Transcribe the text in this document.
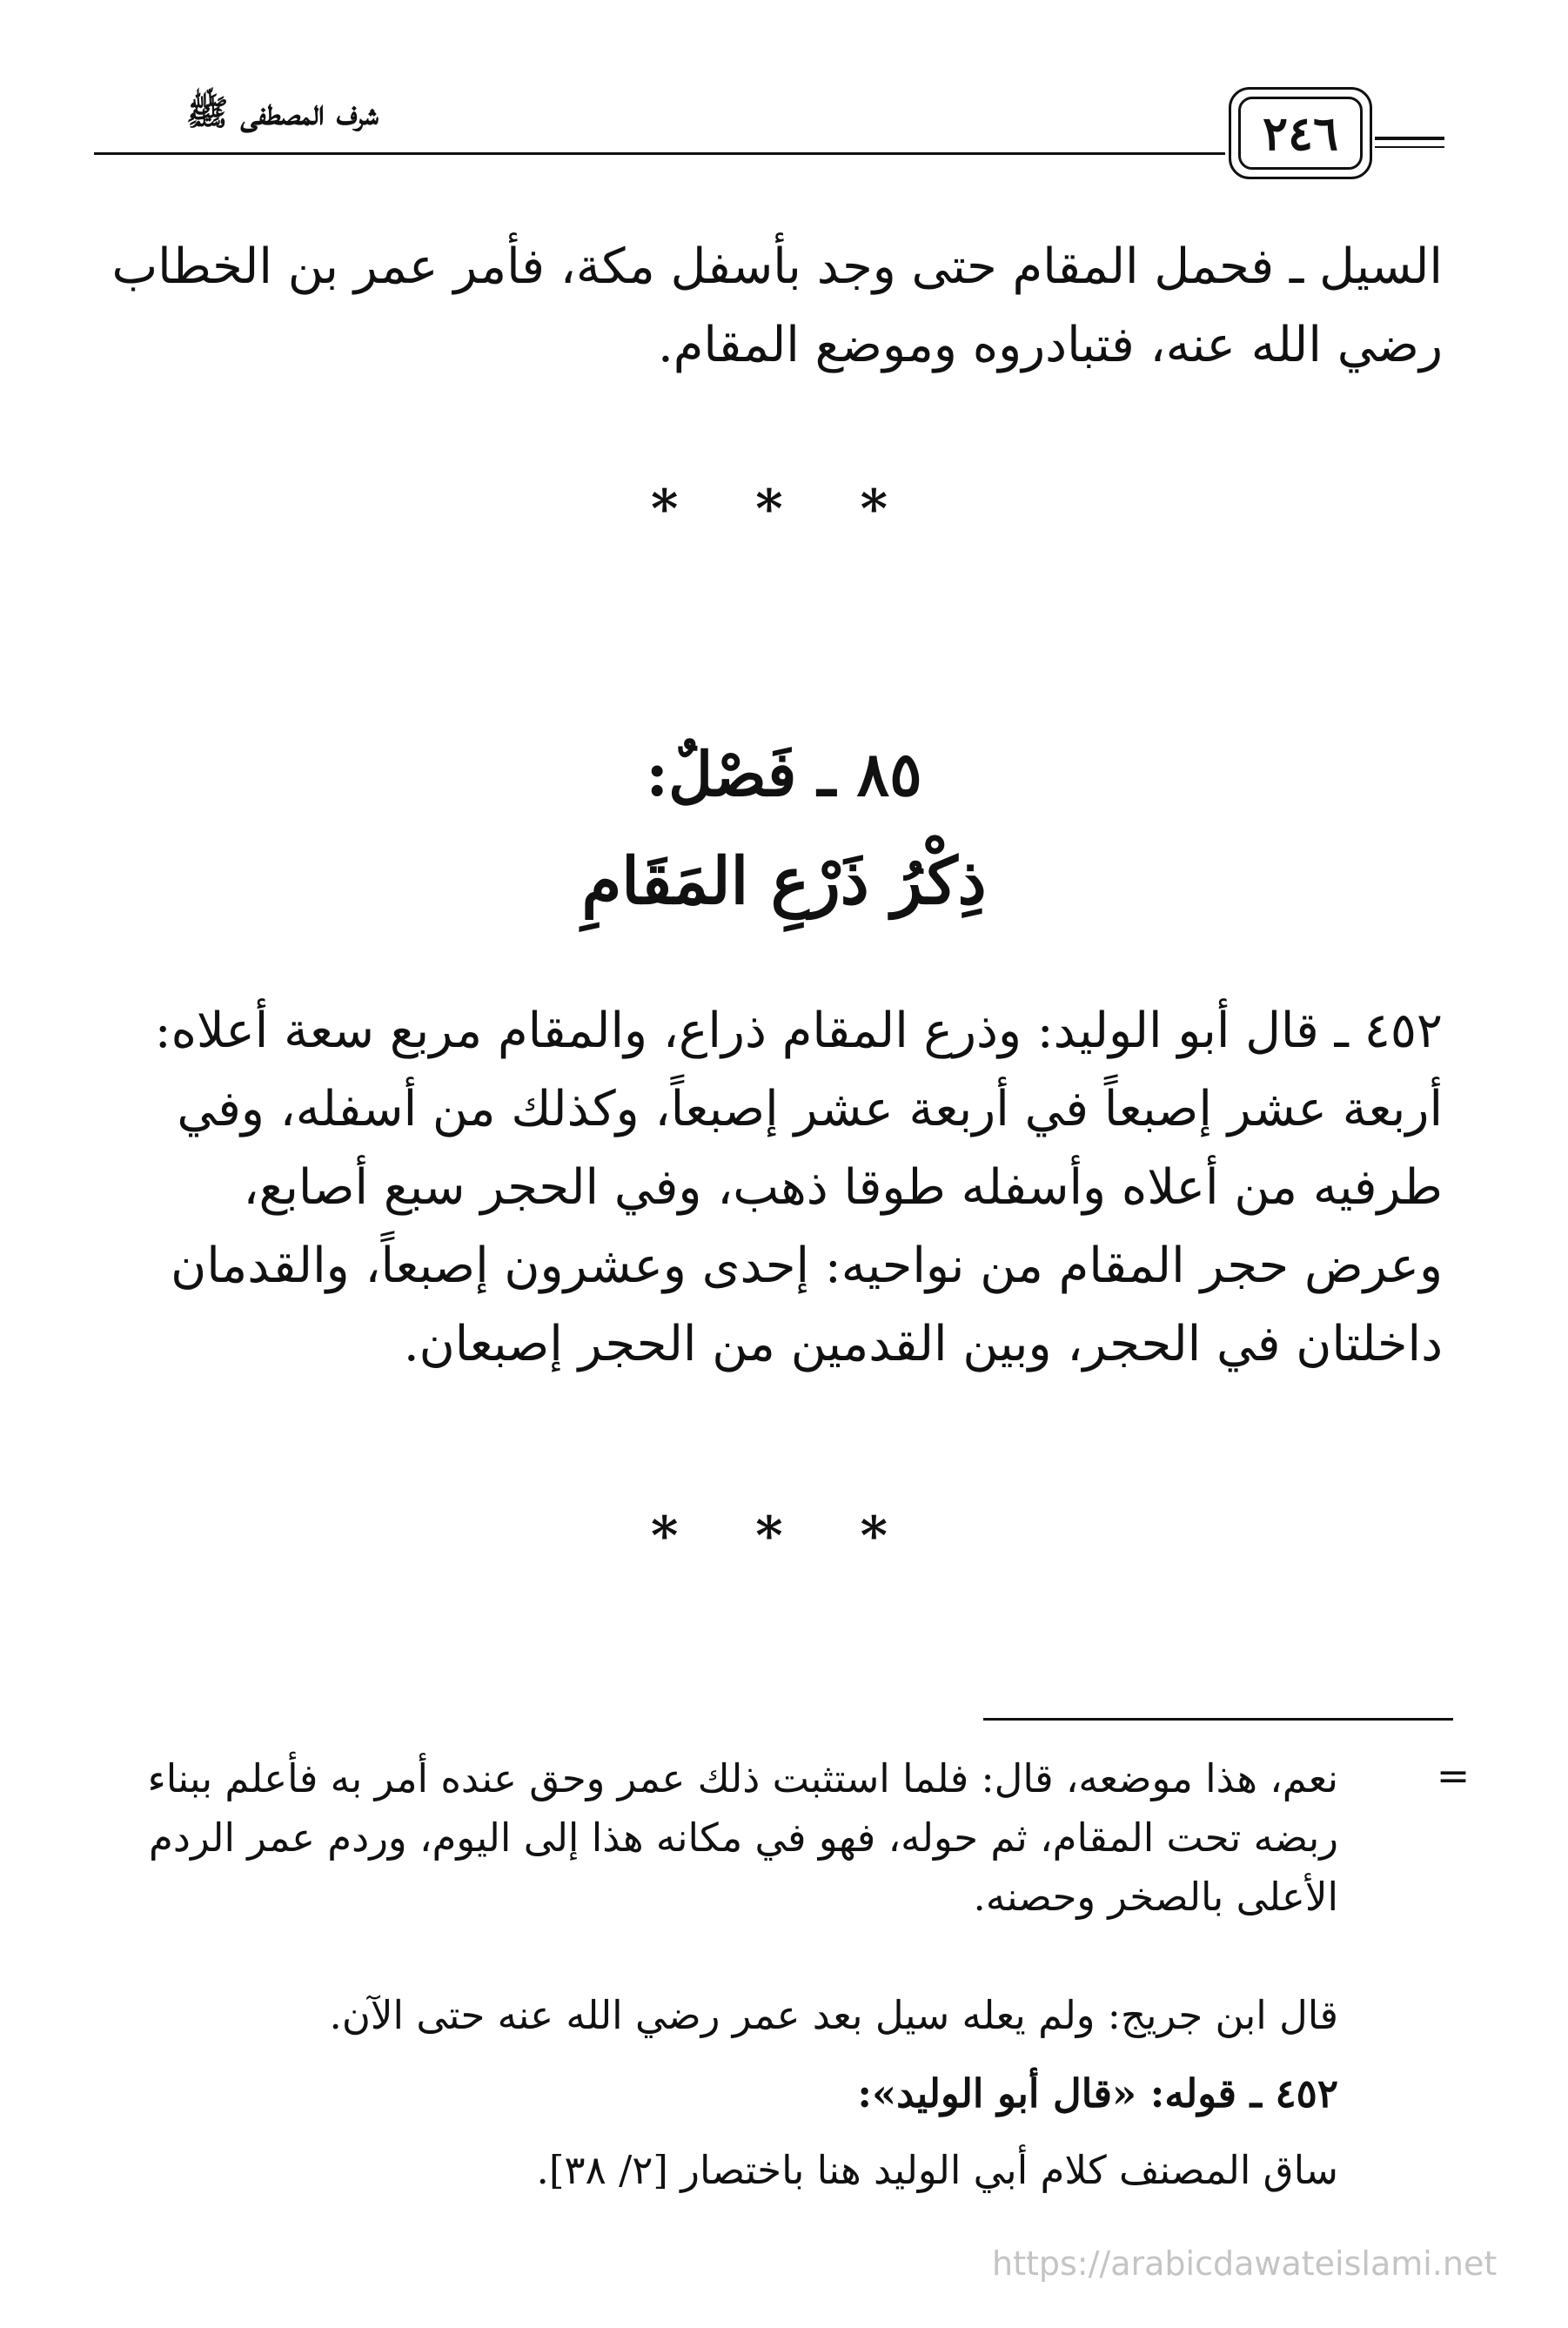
شرف المصطفى ﷺ	٢٤٦

السيل ـ فحمل المقام حتى وجد بأسفل مكة، فأمر عمر بن الخطاب رضي الله عنه، فتبادروه وموضع المقام.

* * *
٨٥ ـ فَصْلٌ:
ذِكْرُ ذَرْعِ المَقَامِ

٤٥٢ ـ قال أبو الوليد: وذرع المقام ذراع، والمقام مربع سعة أعلاه: أربعة عشر إصبعاً في أربعة عشر إصبعاً، وكذلك من أسفله، وفي طرفيه من أعلاه وأسفله طوقا ذهب، وفي الحجر سبع أصابع، وعرض حجر المقام من نواحيه: إحدى وعشرون إصبعاً، والقدمان داخلتان في الحجر، وبين القدمين من الحجر إصبعان.

* * *
=

نعم، هذا موضعه، قال: فلما استثبت ذلك عمر وحق عنده أمر به فأعلم ببناء ربضه تحت المقام، ثم حوله، فهو في مكانه هذا إلى اليوم، وردم عمر الردم الأعلى بالصخر وحصنه.

قال ابن جريج: ولم يعله سيل بعد عمر رضي الله عنه حتى الآن.

٤٥٢ ـ قوله: «قال أبو الوليد»:

ساق المصنف كلام أبي الوليد هنا باختصار [٢/ ٣٨].

https://arabicdawateislami.net
